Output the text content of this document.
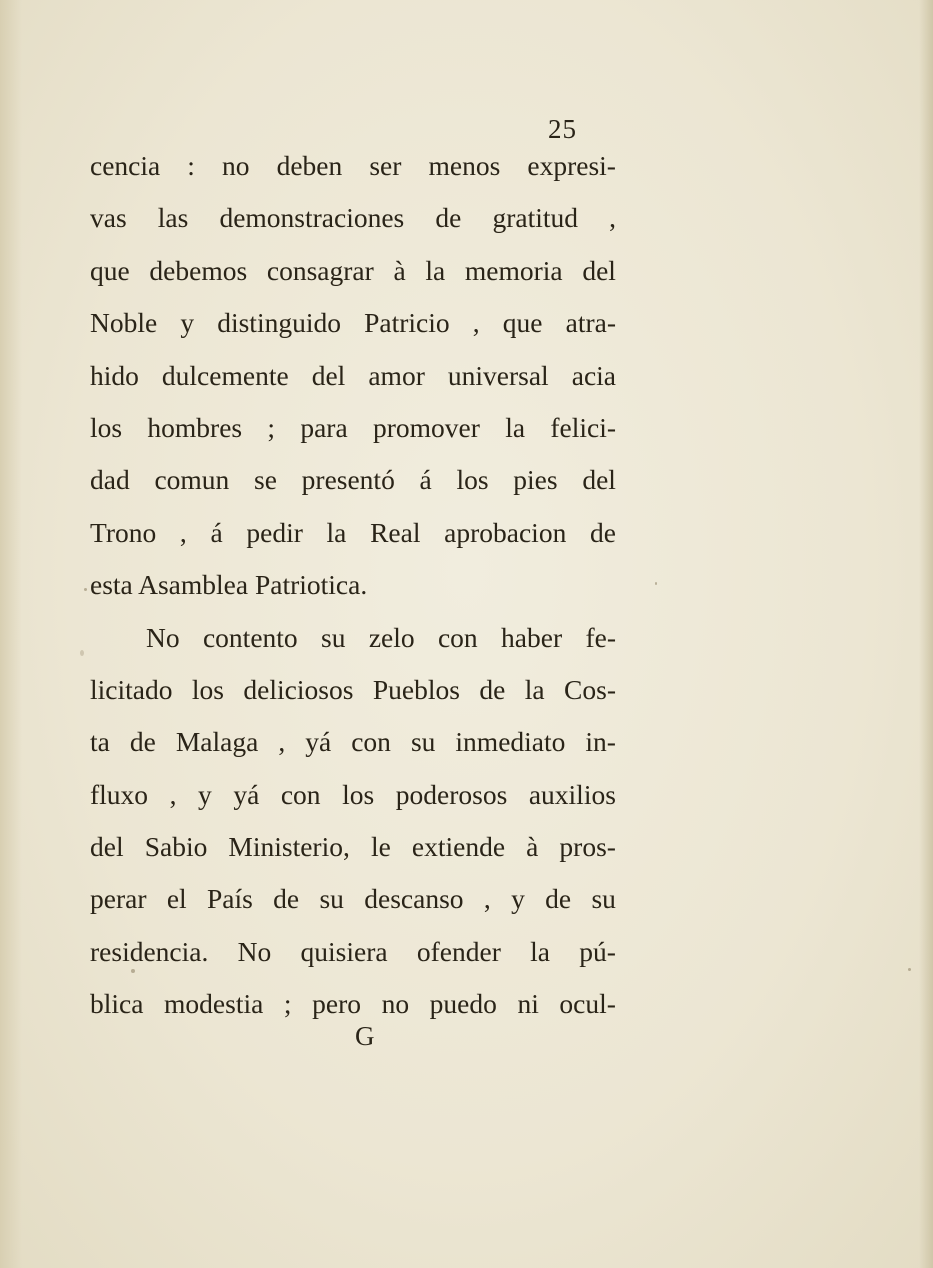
25
cencia : no deben ser menos expresi-
vas las demonstraciones de gratitud ,
que debemos consagrar à la memoria del
Noble y distinguido Patricio , que atra-
hido dulcemente del amor universal acia
los hombres ; para promover la felici-
dad comun se presentó á los pies del
Trono , á pedir la Real aprobacion de
esta Asamblea Patriotica.
No contento su zelo con haber fe-
licitado los deliciosos Pueblos de la Cos-
ta de Malaga , yá con su inmediato in-
fluxo , y yá con los poderosos auxilios
del Sabio Ministerio, le extiende à pros-
perar el País de su descanso , y de su
residencia. No quisiera ofender la pú-
blica modestia ; pero no puedo ni ocul-
G
